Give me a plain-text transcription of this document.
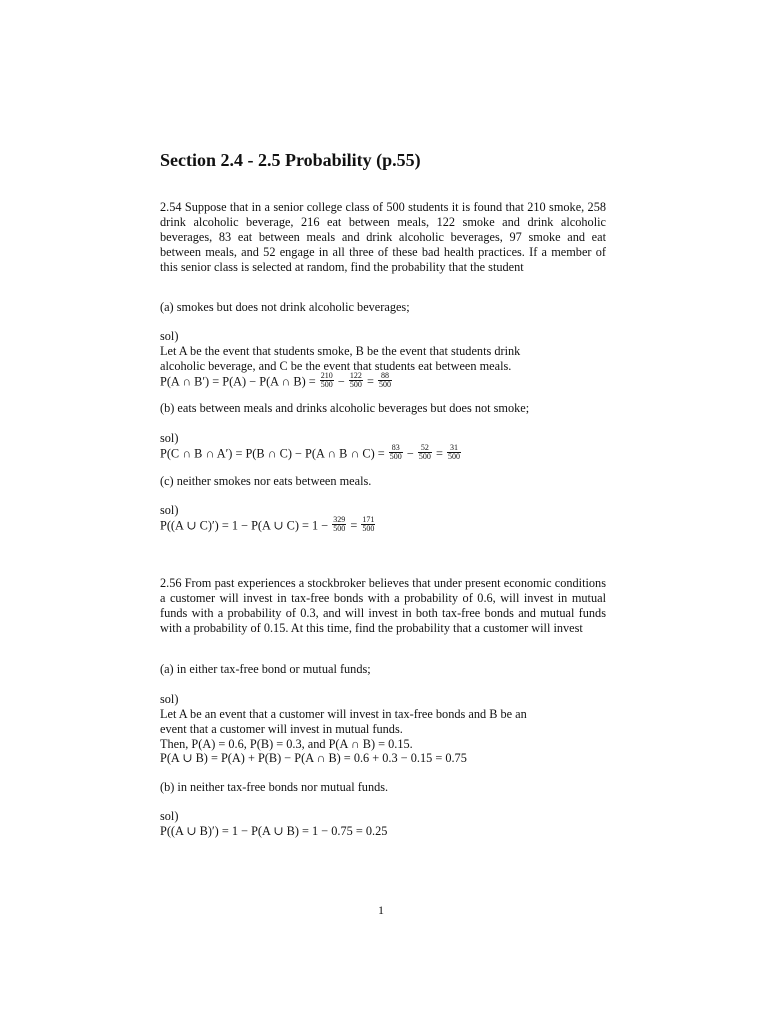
Section 2.4 - 2.5 Probability (p.55)
2.54 Suppose that in a senior college class of 500 students it is found that 210 smoke, 258 drink alcoholic beverage, 216 eat between meals, 122 smoke and drink alcoholic beverages, 83 eat between meals and drink alcoholic beverages, 97 smoke and eat between meals, and 52 engage in all three of these bad health practices. If a member of this senior class is selected at random, find the probability that the student
(a) smokes but does not drink alcoholic beverages;
sol)
Let A be the event that students smoke, B be the event that students drink
alcoholic beverage, and C be the event that students eat between meals.
P(A ∩ B′) = P(A) − P(A ∩ $B) = \frac{210}{500} - \frac{122}{500} = \frac{88}{500}$
(b) eats between meals and drinks alcoholic beverages but does not smoke;
sol)
P(C ∩ B ∩ A′) = P(B ∩ C) − P(A ∩ B ∩ $C) = \frac{83}{500} - \frac{52}{500} = \frac{31}{500}$
(c) neither smokes nor eats between meals.
sol)
P((A ∪ C)′) = 1 − P(A ∪ $C) = 1 - \frac{329}{500} = \frac{171}{500}$
2.56 From past experiences a stockbroker believes that under present economic conditions a customer will invest in tax-free bonds with a probability of 0.6, will invest in mutual funds with a probability of 0.3, and will invest in both tax-free bonds and mutual funds with a probability of 0.15. At this time, find the probability that a customer will invest
(a) in either tax-free bond or mutual funds;
sol)
Let A be an event that a customer will invest in tax-free bonds and B be an
event that a customer will invest in mutual funds.
Then, P(A) = 0.6, P(B) = 0.3, and P(A ∩ B) = 0.15.
P(A ∪ B) = P(A) + P(B) − P(A ∩ B) = 0.6 + 0.3 − 0.15 = 0.75
(b) in neither tax-free bonds nor mutual funds.
sol)
P((A ∪ B)′) = 1 − P(A ∪ B) = 1 − 0.75 = 0.25
1
